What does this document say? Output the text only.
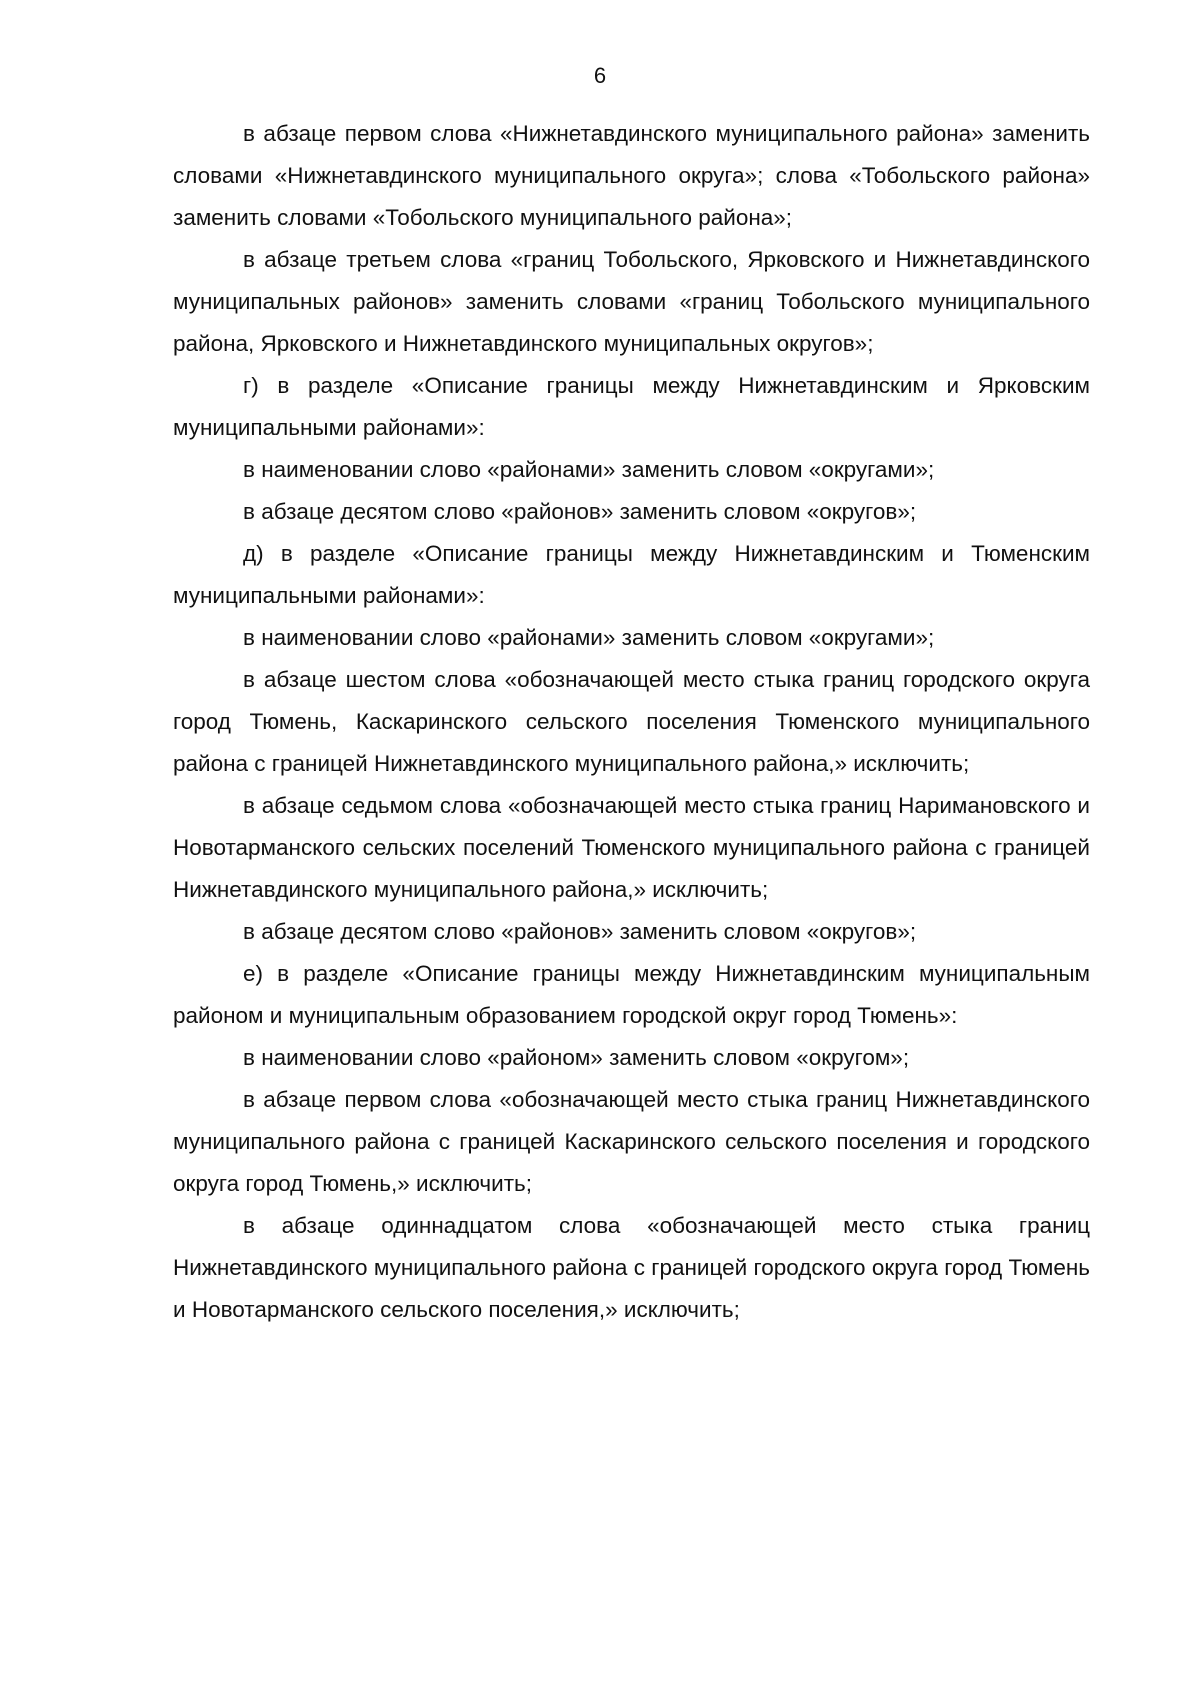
6

в абзаце первом слова «Нижнетавдинского муниципального района» заменить словами «Нижнетавдинского муниципального округа»; слова «Тобольского района» заменить словами «Тобольского муниципального района»;

в абзаце третьем слова «границ Тобольского, Ярковского и Нижнетавдинского муниципальных районов» заменить словами «границ Тобольского муниципального района, Ярковского и Нижнетавдинского муниципальных округов»;

г) в разделе «Описание границы между Нижнетавдинским и Ярковским муниципальными районами»:

в наименовании слово «районами» заменить словом «округами»;

в абзаце десятом слово «районов» заменить словом «округов»;

д) в разделе «Описание границы между Нижнетавдинским и Тюменским муниципальными районами»:

в наименовании слово «районами» заменить словом «округами»;

в абзаце шестом слова «обозначающей место стыка границ городского округа город Тюмень, Каскаринского сельского поселения Тюменского муниципального района с границей Нижнетавдинского муниципального района,» исключить;

в абзаце седьмом слова «обозначающей место стыка границ Наримановского и Новотарманского сельских поселений Тюменского муниципального района с границей Нижнетавдинского муниципального района,» исключить;

в абзаце десятом слово «районов» заменить словом «округов»;

е) в разделе «Описание границы между Нижнетавдинским муниципальным районом и муниципальным образованием городской округ город Тюмень»:

в наименовании слово «районом» заменить словом «округом»;

в абзаце первом слова «обозначающей место стыка границ Нижнетавдинского муниципального района с границей Каскаринского сельского поселения и городского округа город Тюмень,» исключить;

в абзаце одиннадцатом слова «обозначающей место стыка границ Нижнетавдинского муниципального района с границей городского округа город Тюмень и Новотарманского сельского поселения,» исключить;
